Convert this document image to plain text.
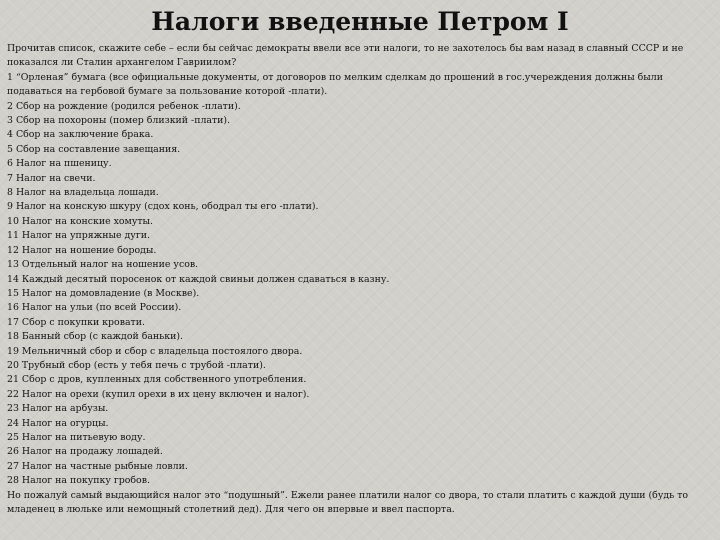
Налоги введенные Петром I

Прочитав список, скажите себе – если бы сейчас демократы ввели все эти налоги, то не захотелось бы вам назад в славный СССР и не показался ли Сталин архангелом Гавриилом?

1 “Орленая” бумага (все официальные документы, от договоров по мелким сделкам до прошений в гос.учереждения должны были подаваться на гербовой бумаге за пользование которой -плати).

2 Сбор на рождение (родился ребенок -плати).

3 Сбор на похороны (помер близкий -плати).

4 Сбор на заключение брака.

5 Сбор на составление завещания.

6 Налог на пшеницу.

7 Налог на свечи.

8 Налог на владельца лошади.

9 Налог на конскую шкуру (сдох конь, ободрал ты его -плати).

10 Налог на конские хомуты.

11 Налог на упряжные дуги.

12 Налог на ношение бороды.

13 Отдельный налог на ношение усов.

14 Каждый десятый поросенок от каждой свиньи должен сдаваться в казну.

15 Налог на домовладение (в Москве).

16 Налог на ульи (по всей России).

17 Сбор с покупки кровати.

18 Банный сбор (с каждой баньки).

19 Мельничный сбор и сбор с владельца постоялого двора.

20 Трубный сбор (есть у тебя печь с трубой -плати).

21 Сбор с дров, купленных для собственного употребления.

22 Налог на орехи (купил орехи в их цену включен и налог).

23 Налог на арбузы.

24 Налог на огурцы.

25 Налог на питьевую воду.

26 Налог на продажу лошадей.

27 Налог на частные рыбные ловли.

28 Налог на покупку гробов.

Но пожалуй самый выдающийся налог это “подушный”. Ежели ранее платили налог со двора, то стали платить с каждой души (будь то младенец в люльке или немощный столетний дед). Для чего он впервые и ввел паспорта.
